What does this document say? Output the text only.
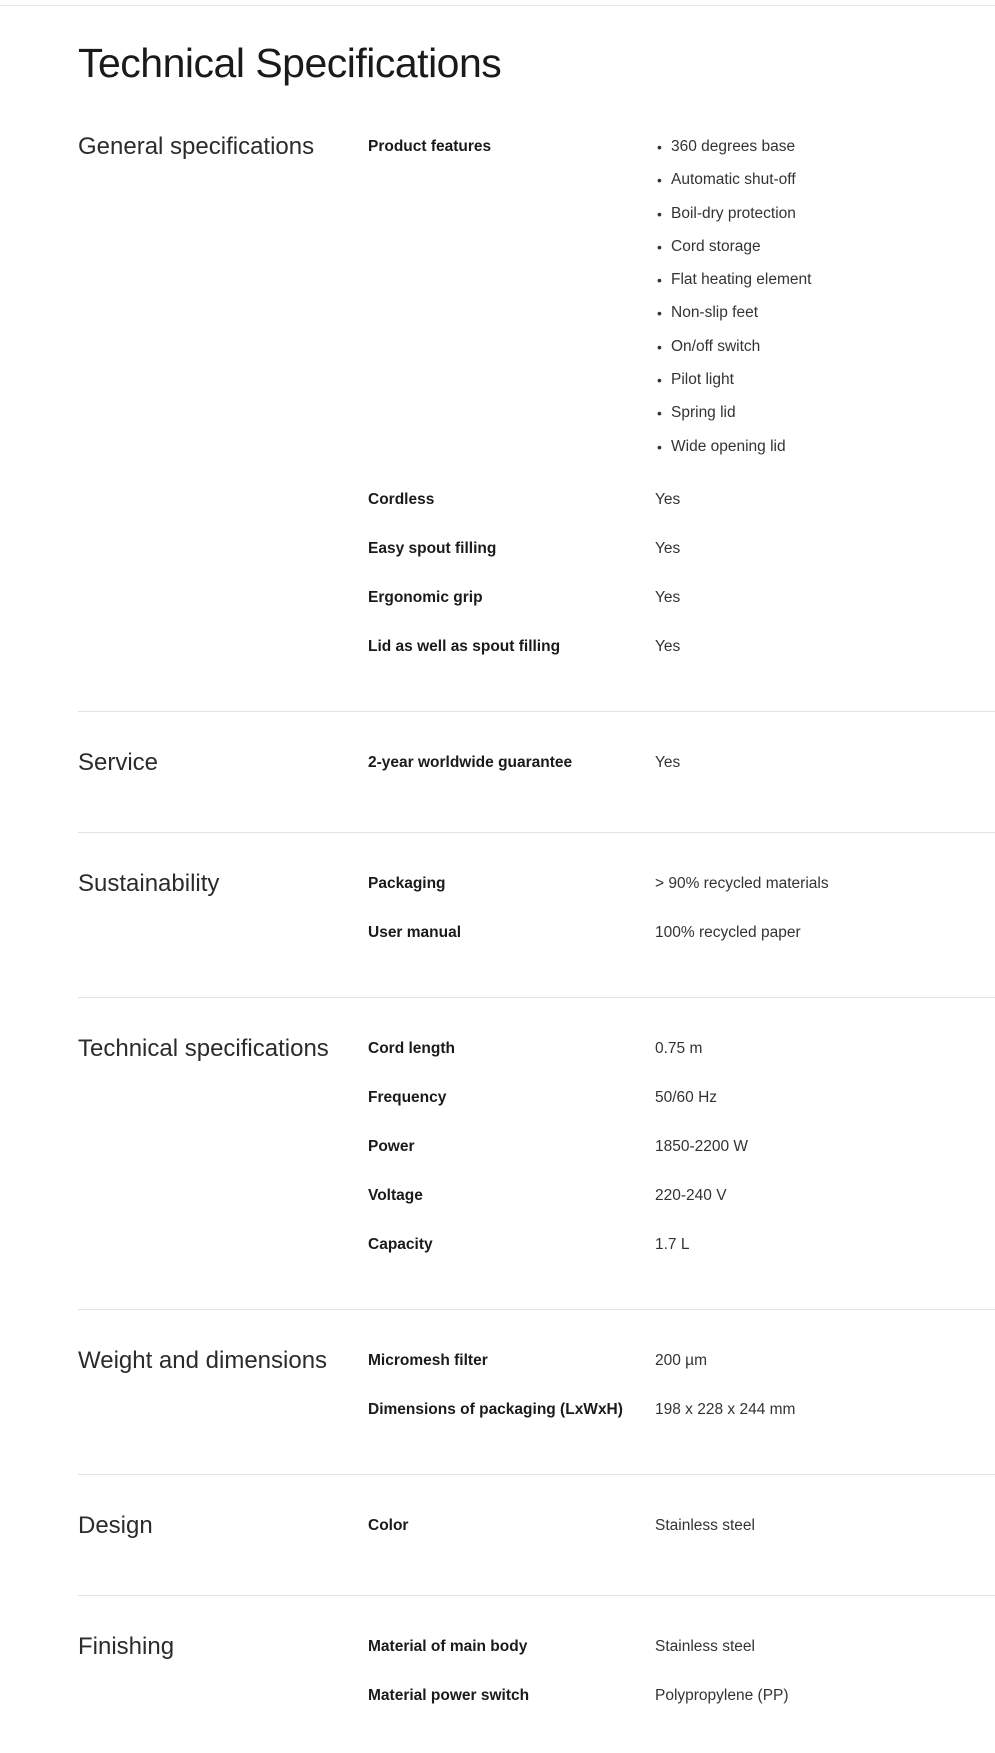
Technical Specifications
General specifications	Product features	• 360 degrees base
• Automatic shut-off
• Boil-dry protection
• Cord storage
• Flat heating element
• Non-slip feet
• On/off switch
• Pilot light
• Spring lid
• Wide opening lid
Cordless	Yes
Easy spout filling	Yes
Ergonomic grip	Yes
Lid as well as spout filling	Yes
Service	2-year worldwide guarantee	Yes
Sustainability	Packaging	> 90% recycled materials
User manual	100% recycled paper
Technical specifications	Cord length	0.75 m
Frequency	50/60 Hz
Power	1850-2200 W
Voltage	220-240 V
Capacity	1.7 L
Weight and dimensions	Micromesh filter	200 µm
Dimensions of packaging (LxWxH)	198 x 228 x 244 mm
Design	Color	Stainless steel
Finishing	Material of main body	Stainless steel
Material power switch	Polypropylene (PP)
